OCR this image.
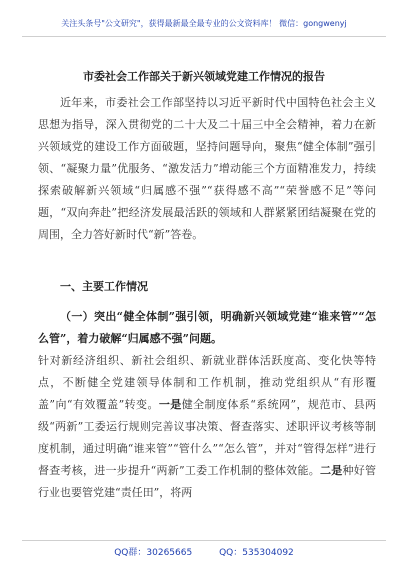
关注头条号"公文研究"，获得最新最全最专业的公文资料库！ 微信：gongwenyj
市委社会工作部关于新兴领域党建工作情况的报告
近年来，市委社会工作部坚持以习近平新时代中国特色社会主义思想为指导，深入贯彻党的二十大及二十届三中全会精神，着力在新兴领域党的建设工作方面破题，坚持问题导向，聚焦“健全体制”强引领、“凝聚力量”优服务、“激发活力”增动能三个方面精准发力，持续探索破解新兴领域“归属感不强”“获得感不高”“荣誉感不足”等问题，“双向奔赴”把经济发展最活跃的领域和人群紧紧团结凝聚在党的周围，全力答好新时代“新”答卷。
一、主要工作情况
（一）突出“健全体制”强引领，明确新兴领域党建“谁来管”“怎么管”，着力破解“归属感不强”问题。
针对新经济组织、新社会组织、新就业群体活跃度高、变化快等特点，不断健全党建领导体制和工作机制，推动党组织从“有形覆盖”向“有效覆盖”转变。一是健全制度体系“系统网”，规范市、县两级“两新”工委运行规则完善议事决策、督查落实、述职评议考核等制度机制，通过明确“谁来管”“管什么”“怎么管”，并对“管得怎样”进行督查考核，进一步提升“两新”工委工作机制的整体效能。二是种好管行业也要管党建“责任田”，将两
QQ群：30265665	QQ：535304092
